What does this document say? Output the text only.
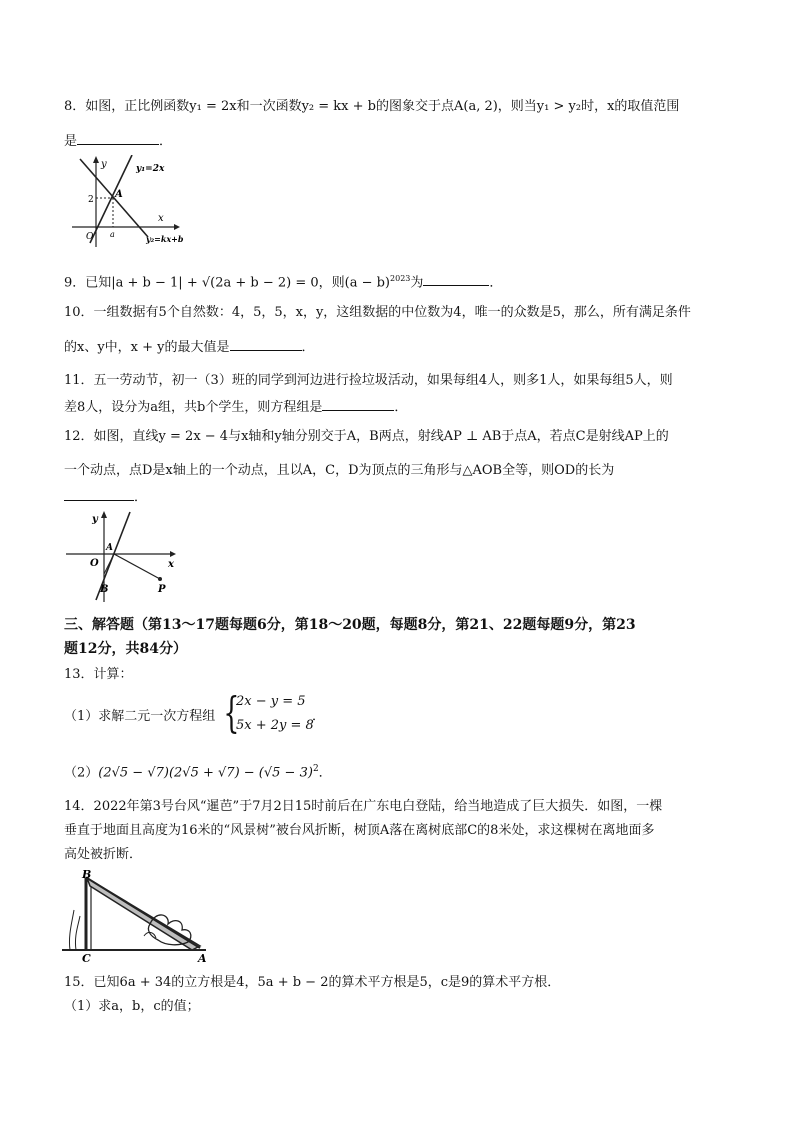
8．如图，正比例函数y₁ = 2x和一次函数y₂ = kx + b的图象交于点A(a, 2)，则当y₁ > y₂时，x的取值范围
是	．
y
x
O
A
2
a
y₁=2x
y₂=kx+b
9．已知|a + b − 1| + √(2a + b − 2) = 0，则$(a - b)^{2023}$为	．
10．一组数据有5个自然数：4，5，5，x，y，这组数据的中位数为4，唯一的众数是5，那么，所有满足条件
的x、y中，x + y的最大值是	．
11．五一劳动节，初一（3）班的同学到河边进行捡垃圾活动，如果每组4人，则多1人，如果每组5人，则
差8人，设分为a组，共b个学生，则方程组是	．
12．如图，直线y = 2x − 4与x轴和y轴分别交于A，B两点，射线AP ⊥ AB于点A，若点C是射线AP上的
一个动点，点D是x轴上的一个动点，且以A，C，D为顶点的三角形与△AOB全等，则OD的长为
．
y
x
O
A
B	P
三、解答题（第13～17题每题6分，第18～20题，每题8分，第21、22题每题9分，第23
题12分，共84分）
13．计算：
（1）求解二元一次方程组 {
2x − y = 5
5x + 2y = 8
．
$(2)(2√5 - √7)(2√5 + √7) - (√5 - 3)^2$．
14．2022年第3号台风“暹芭”于7月2日15时前后在广东电白登陆，给当地造成了巨大损失．如图，一棵
垂直于地面且高度为16米的“风景树”被台风折断，树顶A落在离树底部C的8米处，求这棵树在离地面多
高处被折断．
B
C	A
15．已知6a + 34的立方根是4，5a + b − 2的算术平方根是5，c是9的算术平方根．
（1）求a，b，c的值；
